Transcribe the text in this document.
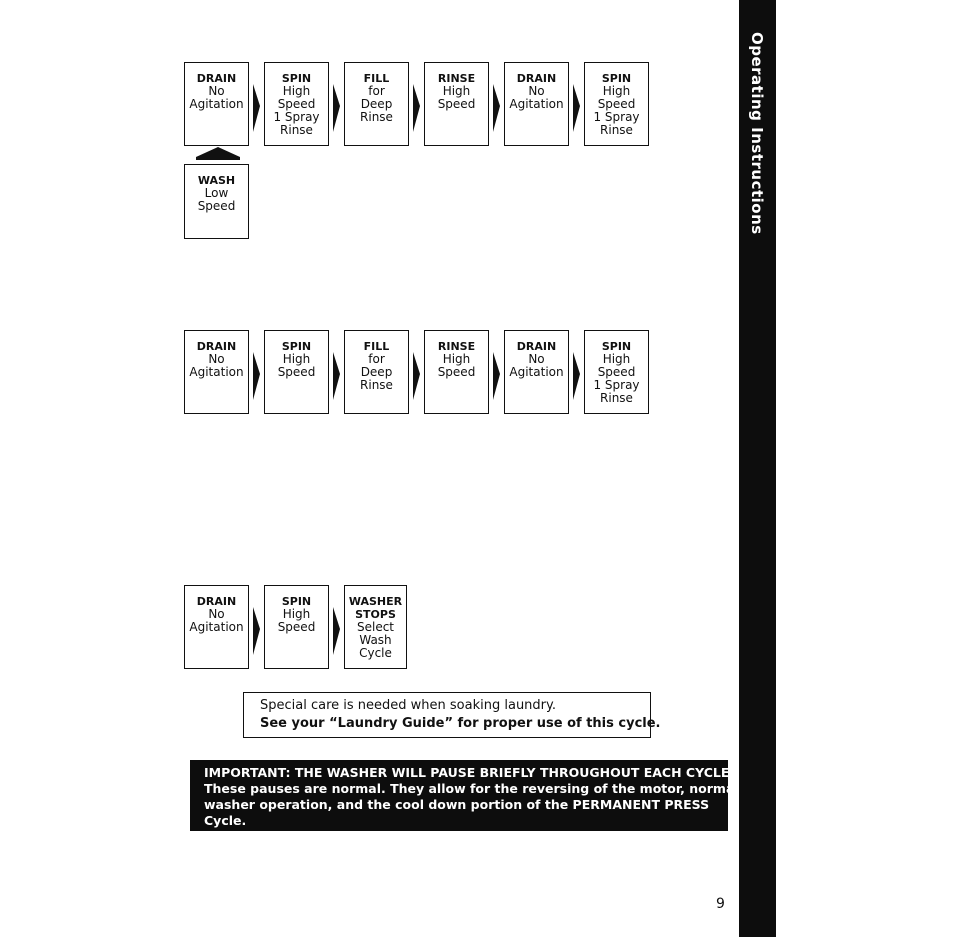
Operating Instructions
DRAIN
No
Agitation
SPIN
High
Speed
1 Spray
Rinse
FILL
for
Deep
Rinse
RINSE
High
Speed
DRAIN
No
Agitation
SPIN
High
Speed
1 Spray
Rinse
WASH
Low
Speed
DRAIN
No
Agitation
SPIN
High
Speed
FILL
for
Deep
Rinse
RINSE
High
Speed
DRAIN
No
Agitation
SPIN
High
Speed
1 Spray
Rinse
DRAIN
No
Agitation
SPIN
High
Speed
WASHER STOPS
Select
Wash
Cycle
Special care is needed when soaking laundry.
See your “Laundry Guide” for proper use of this cycle.
IMPORTANT: THE WASHER WILL PAUSE BRIEFLY THROUGHOUT EACH CYCLE.
These pauses are normal. They allow for the reversing of the motor, normal
washer operation, and the cool down portion of the PERMANENT PRESS
Cycle.
9
